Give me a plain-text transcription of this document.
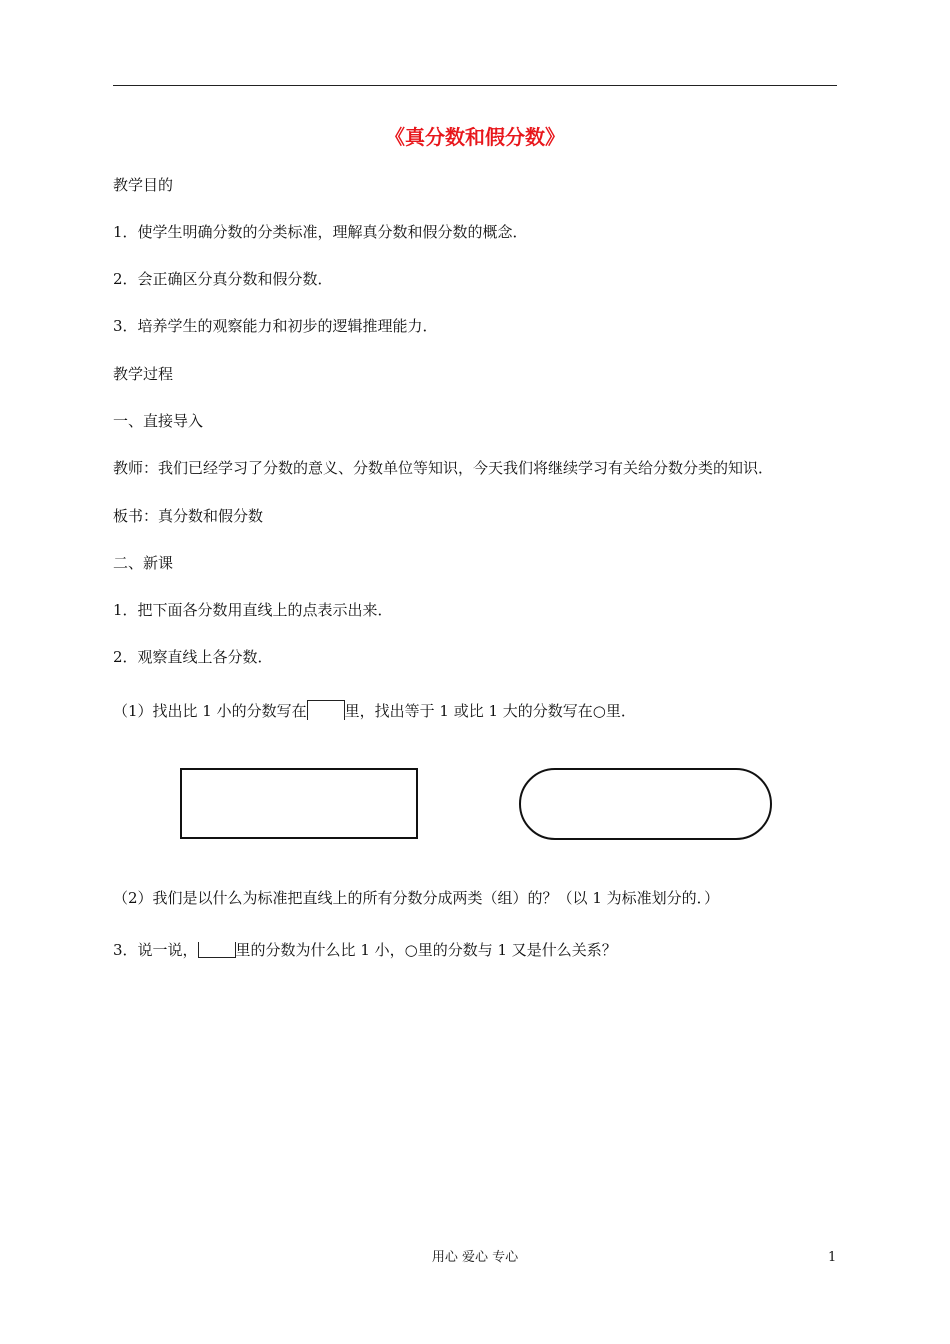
《真分数和假分数》
教学目的
1．使学生明确分数的分类标准，理解真分数和假分数的概念．
2．会正确区分真分数和假分数．
3．培养学生的观察能力和初步的逻辑推理能力．
教学过程
一、直接导入
教师：我们已经学习了分数的意义、分数单位等知识，今天我们将继续学习有关给分数分类的知识．
板书：真分数和假分数
二、新课
1．把下面各分数用直线上的点表示出来．
2．观察直线上各分数．
（1）找出比 1 小的分数写在	里，找出等于 1 或比 1 大的分数写在○里．
（2）我们是以什么为标准把直线上的所有分数分成两类（组）的？（以 1 为标准划分的．）
3．说一说，	里的分数为什么比 1 小，○里的分数与 1 又是什么关系？
用心 爱心 专心	1
